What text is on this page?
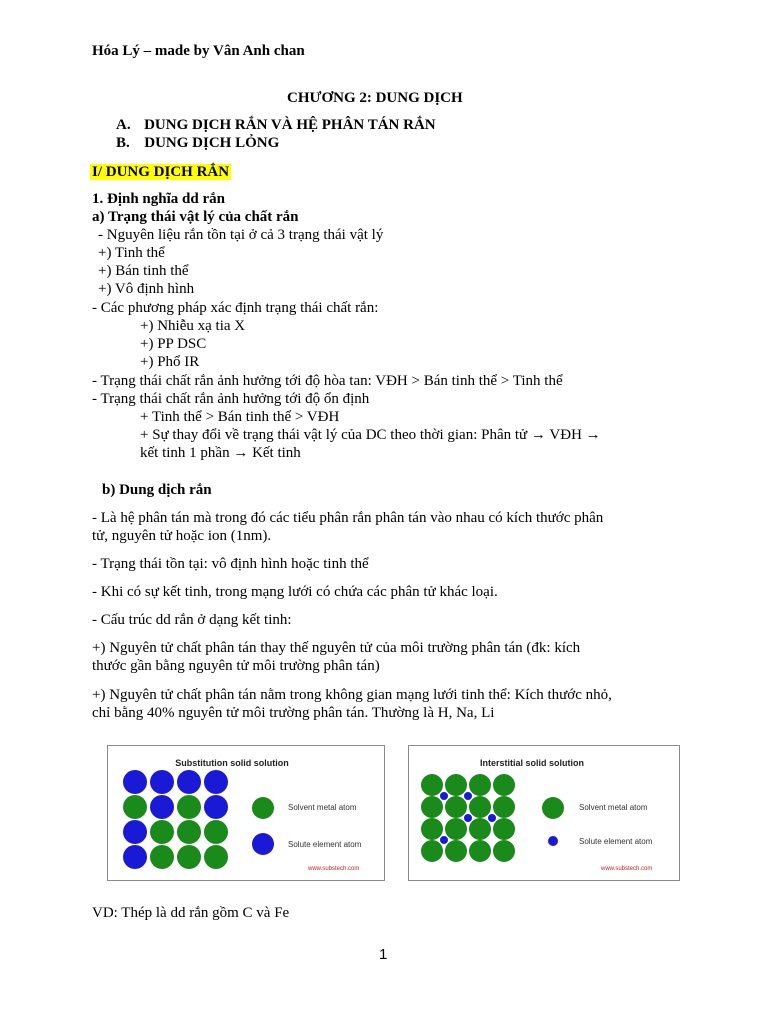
Hóa Lý – made by Vân Anh chan
CHƯƠNG 2: DUNG DỊCH
A. DUNG DỊCH RẮN VÀ HỆ PHÂN TÁN RẮN
B. DUNG DỊCH LỎNG
I/ DUNG DỊCH RẮN
1. Định nghĩa dd rắn
a) Trạng thái vật lý của chất rắn
- Nguyên liệu rắn tồn tại ở cả 3 trạng thái vật lý
+) Tinh thể
+) Bán tinh thể
+) Vô định hình
- Các phương pháp xác định trạng thái chất rắn:
+) Nhiễu xạ tia X
+) PP DSC
+) Phổ IR
- Trạng thái chất rắn ảnh hưởng tới độ hòa tan: VĐH > Bán tinh thể > Tinh thể
- Trạng thái chất rắn ảnh hưởng tới độ ổn định
+ Tinh thể > Bán tinh thể > VĐH
+ Sự thay đổi về trạng thái vật lý của DC theo thời gian: Phân tử → VĐH →
kết tinh 1 phần → Kết tinh
b) Dung dịch rắn
- Là hệ phân tán mà trong đó các tiểu phân rắn phân tán vào nhau có kích thước phân
tử, nguyên tử hoặc ion (1nm).
- Trạng thái tồn tại: vô định hình hoặc tinh thể
- Khi có sự kết tinh, trong mạng lưới có chứa các phân tử khác loại.
- Cấu trúc dd rắn ở dạng kết tinh:
+) Nguyên tử chất phân tán thay thế nguyên tử của môi trường phân tán (đk: kích
thước gần bằng nguyên tử môi trường phân tán)
+) Nguyên tử chất phân tán nằm trong không gian mạng lưới tinh thể: Kích thước nhỏ,
chỉ bằng 40% nguyên tử môi trường phân tán. Thường là H, Na, Li
Substitution solid solution
Solvent metal atom
Solute element atom
www.substech.com
Interstitial solid solution
Solvent metal atom
Solute element atom
www.substech.com
VD: Thép là dd rắn gồm C và Fe
1
